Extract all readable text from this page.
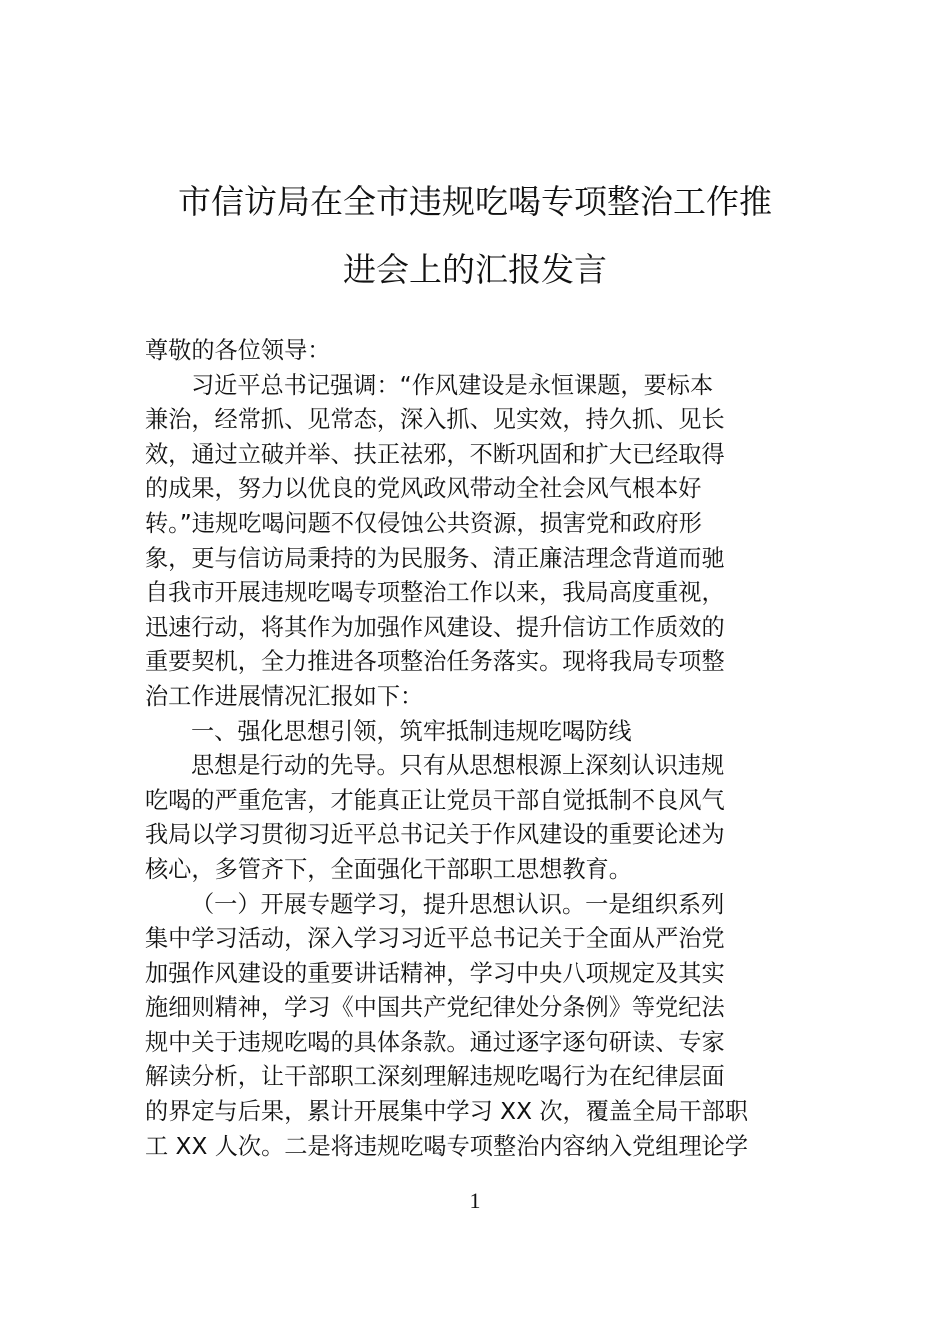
市信访局在全市违规吃喝专项整治工作推
进会上的汇报发言
尊敬的各位领导：
习近平总书记强调：“作风建设是永恒课题，要标本
兼治，经常抓、见常态，深入抓、见实效，持久抓、见长
效，通过立破并举、扶正祛邪，不断巩固和扩大已经取得
的成果，努力以优良的党风政风带动全社会风气根本好
转。”违规吃喝问题不仅侵蚀公共资源，损害党和政府形
象，更与信访局秉持的为民服务、清正廉洁理念背道而驰
自我市开展违规吃喝专项整治工作以来，我局高度重视，
迅速行动，将其作为加强作风建设、提升信访工作质效的
重要契机，全力推进各项整治任务落实。现将我局专项整
治工作进展情况汇报如下：
一、强化思想引领，筑牢抵制违规吃喝防线
思想是行动的先导。只有从思想根源上深刻认识违规
吃喝的严重危害，才能真正让党员干部自觉抵制不良风气
我局以学习贯彻习近平总书记关于作风建设的重要论述为
核心，多管齐下，全面强化干部职工思想教育。
（一）开展专题学习，提升思想认识。一是组织系列
集中学习活动，深入学习习近平总书记关于全面从严治党
加强作风建设的重要讲话精神，学习中央八项规定及其实
施细则精神，学习《中国共产党纪律处分条例》等党纪法
规中关于违规吃喝的具体条款。通过逐字逐句研读、专家
解读分析，让干部职工深刻理解违规吃喝行为在纪律层面
的界定与后果，累计开展集中学习 XX 次，覆盖全局干部职
工 XX 人次。二是将违规吃喝专项整治内容纳入党组理论学
1
